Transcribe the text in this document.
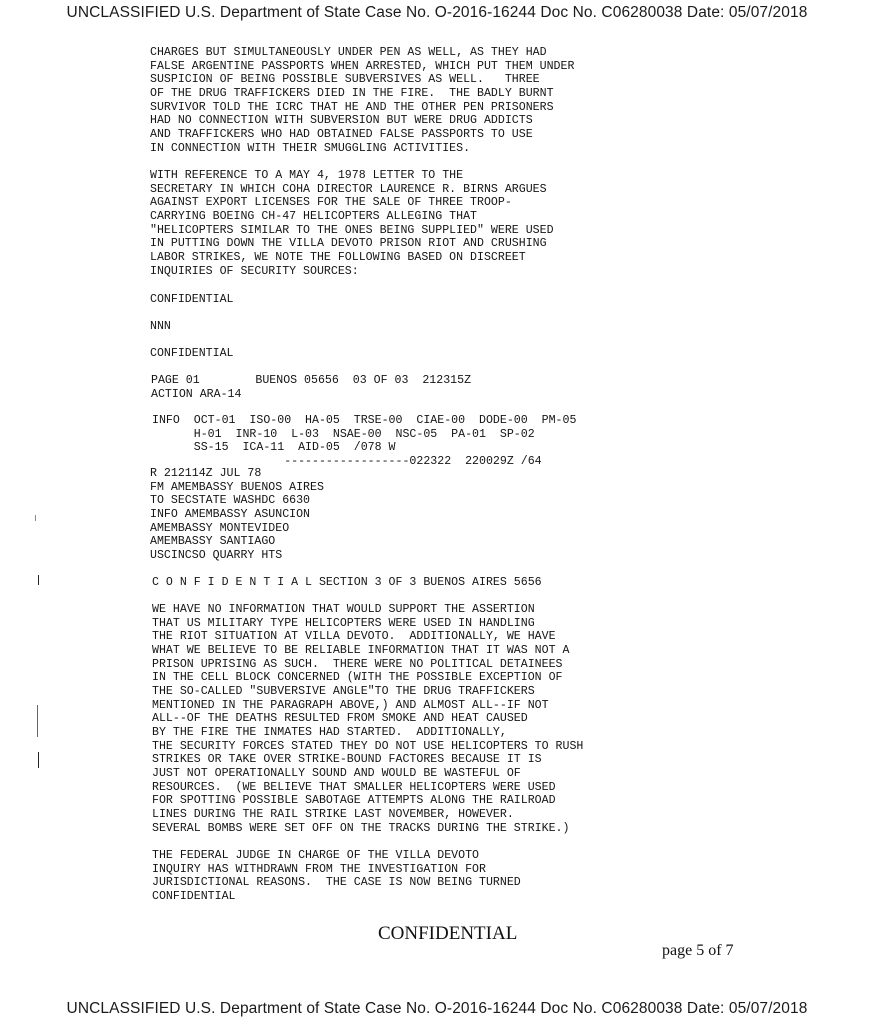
UNCLASSIFIED U.S. Department of State Case No. O-2016-16244 Doc No. C06280038 Date: 05/07/2018
CHARGES BUT SIMULTANEOUSLY UNDER PEN AS WELL, AS THEY HAD
FALSE ARGENTINE PASSPORTS WHEN ARRESTED, WHICH PUT THEM UNDER
SUSPICION OF BEING POSSIBLE SUBVERSIVES AS WELL.   THREE
OF THE DRUG TRAFFICKERS DIED IN THE FIRE.  THE BADLY BURNT
SURVIVOR TOLD THE ICRC THAT HE AND THE OTHER PEN PRISONERS
HAD NO CONNECTION WITH SUBVERSION BUT WERE DRUG ADDICTS
AND TRAFFICKERS WHO HAD OBTAINED FALSE PASSPORTS TO USE
IN CONNECTION WITH THEIR SMUGGLING ACTIVITIES.
WITH REFERENCE TO A MAY 4, 1978 LETTER TO THE
SECRETARY IN WHICH COHA DIRECTOR LAURENCE R. BIRNS ARGUES
AGAINST EXPORT LICENSES FOR THE SALE OF THREE TROOP-
CARRYING BOEING CH-47 HELICOPTERS ALLEGING THAT
"HELICOPTERS SIMILAR TO THE ONES BEING SUPPLIED" WERE USED
IN PUTTING DOWN THE VILLA DEVOTO PRISON RIOT AND CRUSHING
LABOR STRIKES, WE NOTE THE FOLLOWING BASED ON DISCREET
INQUIRIES OF SECURITY SOURCES:
CONFIDENTIAL
NNN
CONFIDENTIAL
PAGE 01        BUENOS 05656  03 OF 03  212315Z
ACTION ARA-14
INFO  OCT-01  ISO-00  HA-05  TRSE-00  CIAE-00  DODE-00  PM-05
H-01  INR-10  L-03  NSAE-00  NSC-05  PA-01  SP-02
SS-15  ICA-11  AID-05  /078 W
------------------022322  220029Z /64
R 212114Z JUL 78
FM AMEMBASSY BUENOS AIRES
TO SECSTATE WASHDC 6630
INFO AMEMBASSY ASUNCION
AMEMBASSY MONTEVIDEO
AMEMBASSY SANTIAGO
USCINCSO QUARRY HTS
C O N F I D E N T I A L SECTION 3 OF 3 BUENOS AIRES 5656
WE HAVE NO INFORMATION THAT WOULD SUPPORT THE ASSERTION
THAT US MILITARY TYPE HELICOPTERS WERE USED IN HANDLING
THE RIOT SITUATION AT VILLA DEVOTO.  ADDITIONALLY, WE HAVE
WHAT WE BELIEVE TO BE RELIABLE INFORMATION THAT IT WAS NOT A
PRISON UPRISING AS SUCH.  THERE WERE NO POLITICAL DETAINEES
IN THE CELL BLOCK CONCERNED (WITH THE POSSIBLE EXCEPTION OF
THE SO-CALLED "SUBVERSIVE ANGLE"TO THE DRUG TRAFFICKERS
MENTIONED IN THE PARAGRAPH ABOVE,) AND ALMOST ALL--IF NOT
ALL--OF THE DEATHS RESULTED FROM SMOKE AND HEAT CAUSED
BY THE FIRE THE INMATES HAD STARTED.  ADDITIONALLY,
THE SECURITY FORCES STATED THEY DO NOT USE HELICOPTERS TO RUSH
STRIKES OR TAKE OVER STRIKE-BOUND FACTORES BECAUSE IT IS
JUST NOT OPERATIONALLY SOUND AND WOULD BE WASTEFUL OF
RESOURCES.  (WE BELIEVE THAT SMALLER HELICOPTERS WERE USED
FOR SPOTTING POSSIBLE SABOTAGE ATTEMPTS ALONG THE RAILROAD
LINES DURING THE RAIL STRIKE LAST NOVEMBER, HOWEVER.
SEVERAL BOMBS WERE SET OFF ON THE TRACKS DURING THE STRIKE.)
THE FEDERAL JUDGE IN CHARGE OF THE VILLA DEVOTO
INQUIRY HAS WITHDRAWN FROM THE INVESTIGATION FOR
JURISDICTIONAL REASONS.  THE CASE IS NOW BEING TURNED
CONFIDENTIAL
CONFIDENTIAL
page 5 of 7
UNCLASSIFIED U.S. Department of State Case No. O-2016-16244 Doc No. C06280038 Date: 05/07/2018
